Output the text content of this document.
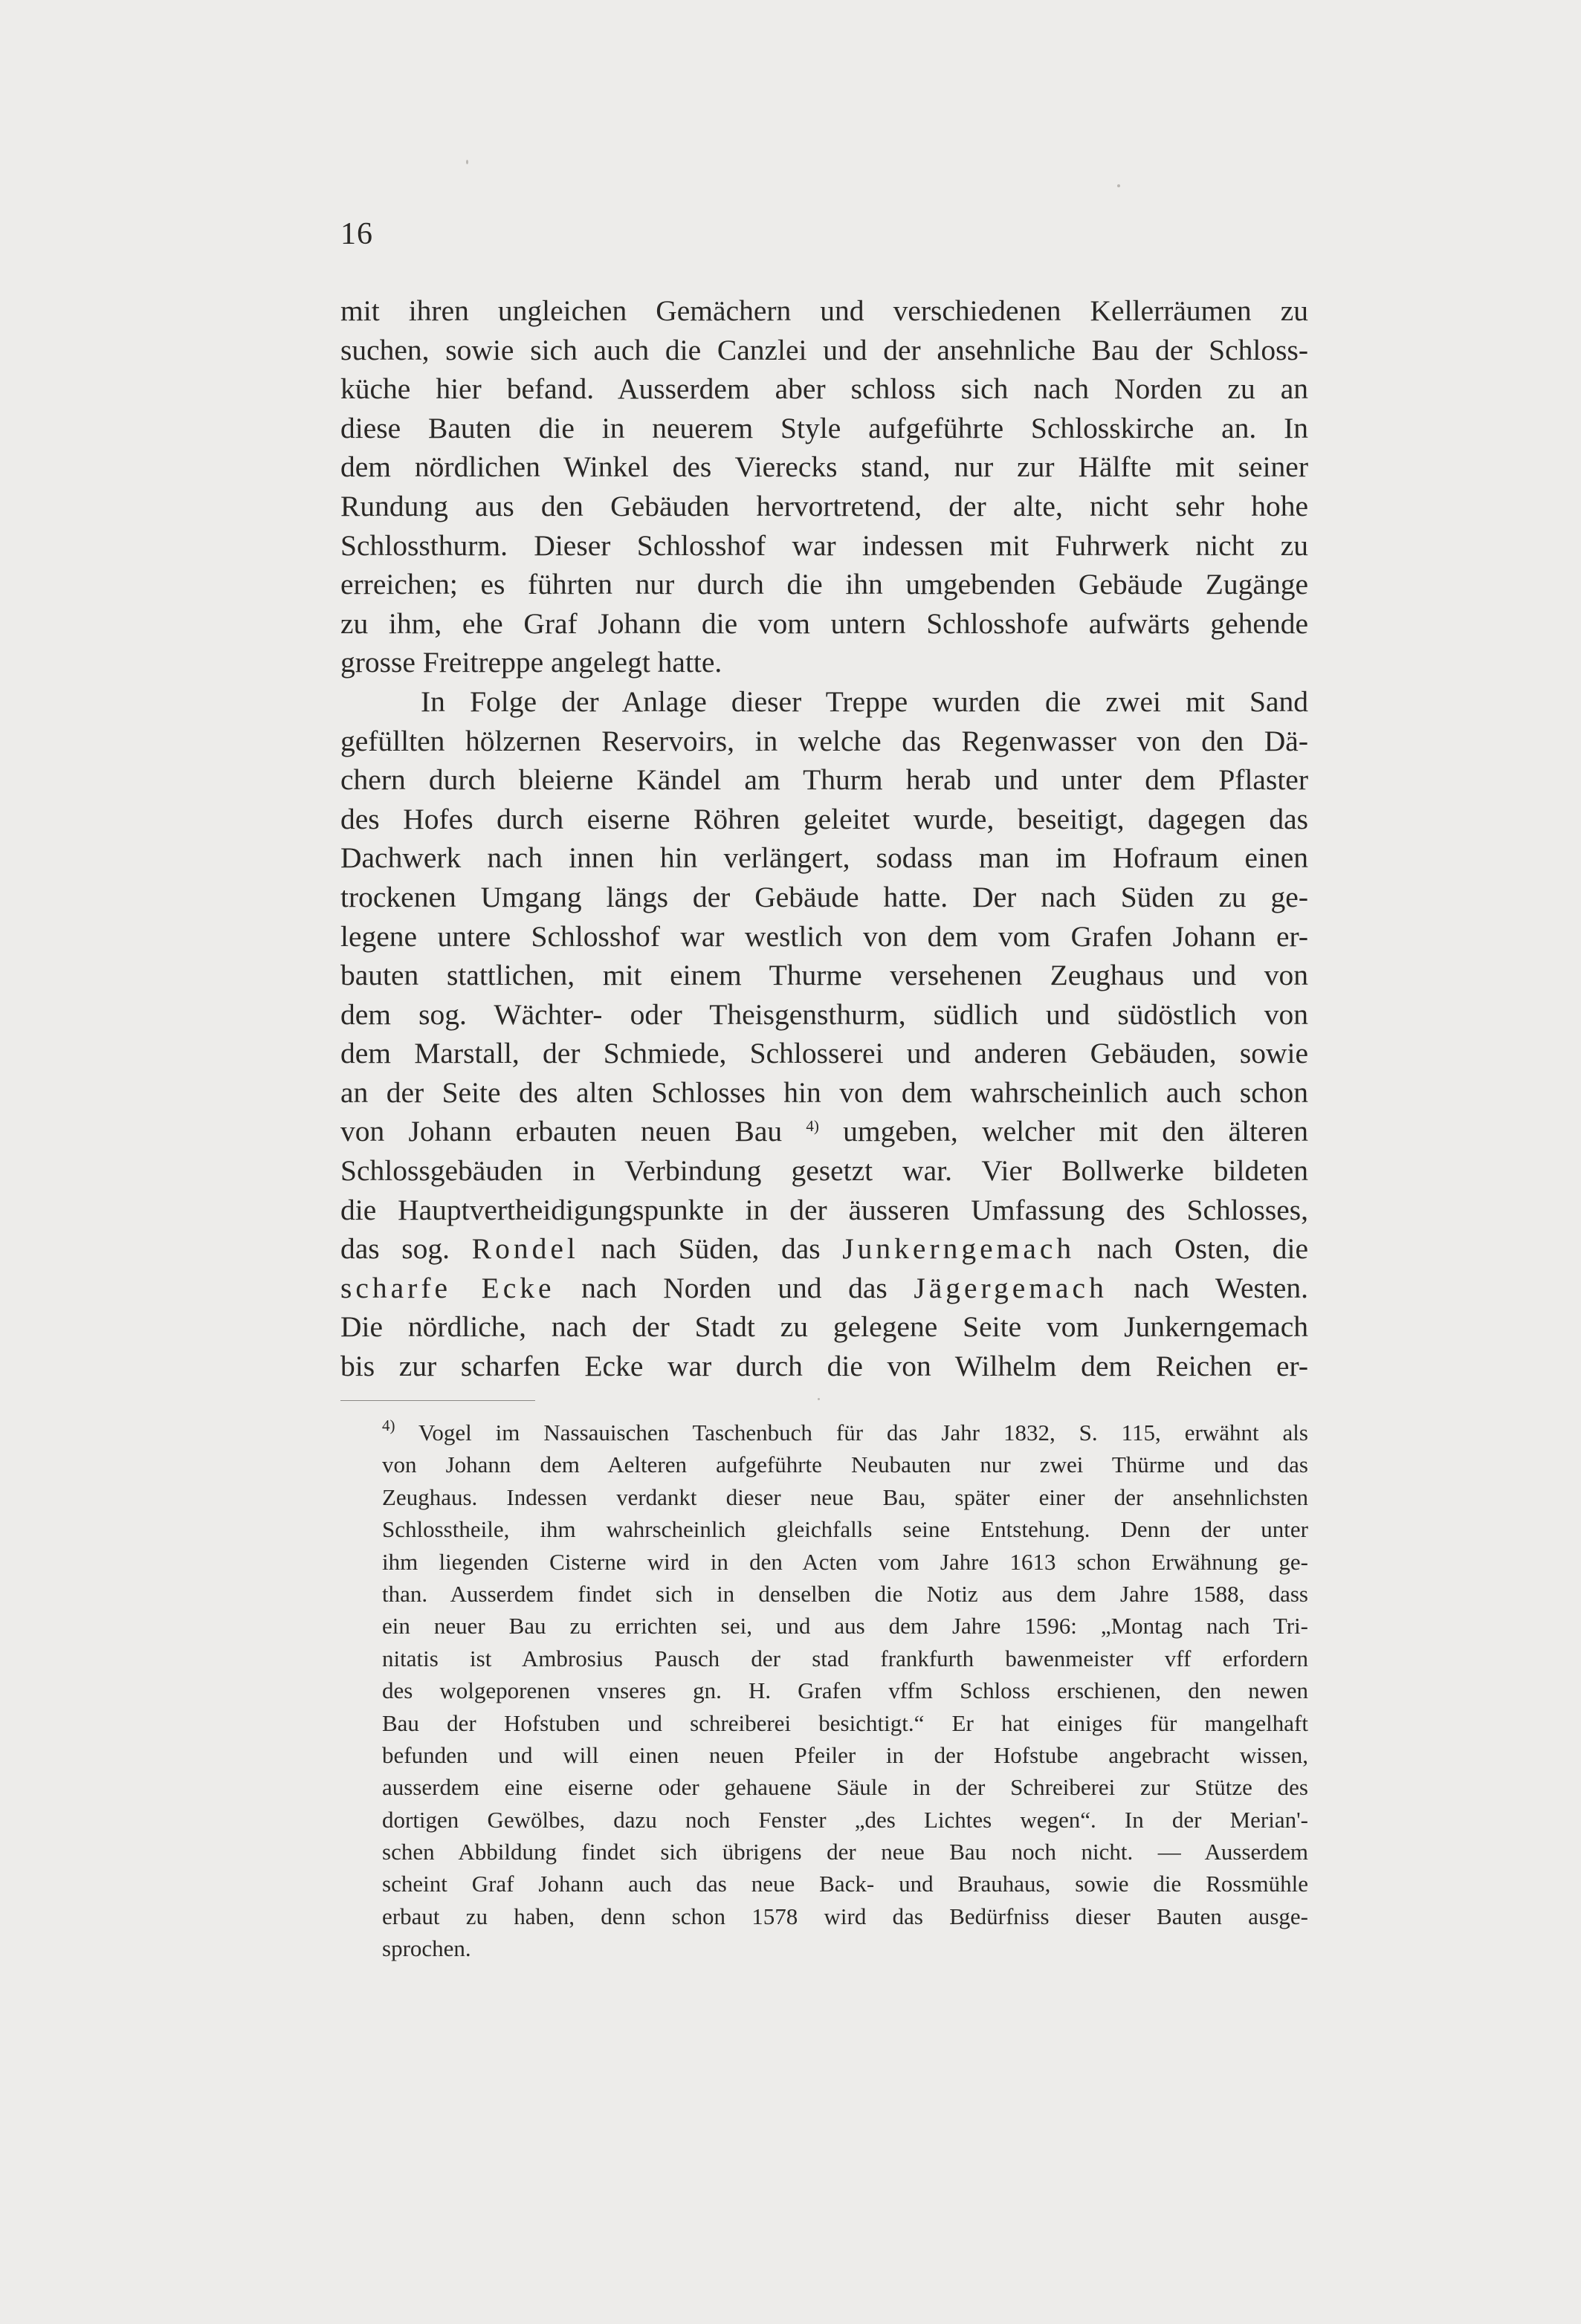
16
mit ihren ungleichen Gemächern und verschiedenen Kellerräumen zu
suchen, sowie sich auch die Canzlei und der ansehnliche Bau der Schloss-
küche hier befand. Ausserdem aber schloss sich nach Norden zu an
diese Bauten die in neuerem Style aufgeführte Schlosskirche an. In
dem nördlichen Winkel des Vierecks stand, nur zur Hälfte mit seiner
Rundung aus den Gebäuden hervortretend, der alte, nicht sehr hohe
Schlossthurm. Dieser Schlosshof war indessen mit Fuhrwerk nicht zu
erreichen; es führten nur durch die ihn umgebenden Gebäude Zugänge
zu ihm, ehe Graf Johann die vom untern Schlosshofe aufwärts gehende
grosse Freitreppe angelegt hatte.
In Folge der Anlage dieser Treppe wurden die zwei mit Sand
gefüllten hölzernen Reservoirs, in welche das Regenwasser von den Dä-
chern durch bleierne Kändel am Thurm herab und unter dem Pflaster
des Hofes durch eiserne Röhren geleitet wurde, beseitigt, dagegen das
Dachwerk nach innen hin verlängert, sodass man im Hofraum einen
trockenen Umgang längs der Gebäude hatte. Der nach Süden zu ge-
legene untere Schlosshof war westlich von dem vom Grafen Johann er-
bauten stattlichen, mit einem Thurme versehenen Zeughaus und von
dem sog. Wächter- oder Theisgensthurm, südlich und südöstlich von
dem Marstall, der Schmiede, Schlosserei und anderen Gebäuden, sowie
an der Seite des alten Schlosses hin von dem wahrscheinlich auch schon
von Johann erbauten neuen Bau $^{4)}$ umgeben, welcher mit den älteren
Schlossgebäuden in Verbindung gesetzt war. Vier Bollwerke bildeten
die Hauptvertheidigungspunkte in der äusseren Umfassung des Schlosses,
das sog. Rondel nach Süden, das Junkerngemach nach Osten, die
scharfe Ecke nach Norden und das Jägergemach nach Westen.
Die nördliche, nach der Stadt zu gelegene Seite vom Junkerngemach
bis zur scharfen Ecke war durch die von Wilhelm dem Reichen er-
$^{4)}$ Vogel im Nassauischen Taschenbuch für das Jahr 1832, S. 115, erwähnt als
von Johann dem Aelteren aufgeführte Neubauten nur zwei Thürme und das
Zeughaus. Indessen verdankt dieser neue Bau, später einer der ansehnlichsten
Schlosstheile, ihm wahrscheinlich gleichfalls seine Entstehung. Denn der unter
ihm liegenden Cisterne wird in den Acten vom Jahre 1613 schon Erwähnung ge-
than. Ausserdem findet sich in denselben die Notiz aus dem Jahre 1588, dass
ein neuer Bau zu errichten sei, und aus dem Jahre 1596: „Montag nach Tri-
nitatis ist Ambrosius Pausch der stad frankfurth bawenmeister vff erfordern
des wolgeporenen vnseres gn. H. Grafen vffm Schloss erschienen, den newen
Bau der Hofstuben und schreiberei besichtigt.“ Er hat einiges für mangelhaft
befunden und will einen neuen Pfeiler in der Hofstube angebracht wissen,
ausserdem eine eiserne oder gehauene Säule in der Schreiberei zur Stütze des
dortigen Gewölbes, dazu noch Fenster „des Lichtes wegen“. In der Merian'-
schen Abbildung findet sich übrigens der neue Bau noch nicht. — Ausserdem
scheint Graf Johann auch das neue Back- und Brauhaus, sowie die Rossmühle
erbaut zu haben, denn schon 1578 wird das Bedürfniss dieser Bauten ausge-
sprochen.
